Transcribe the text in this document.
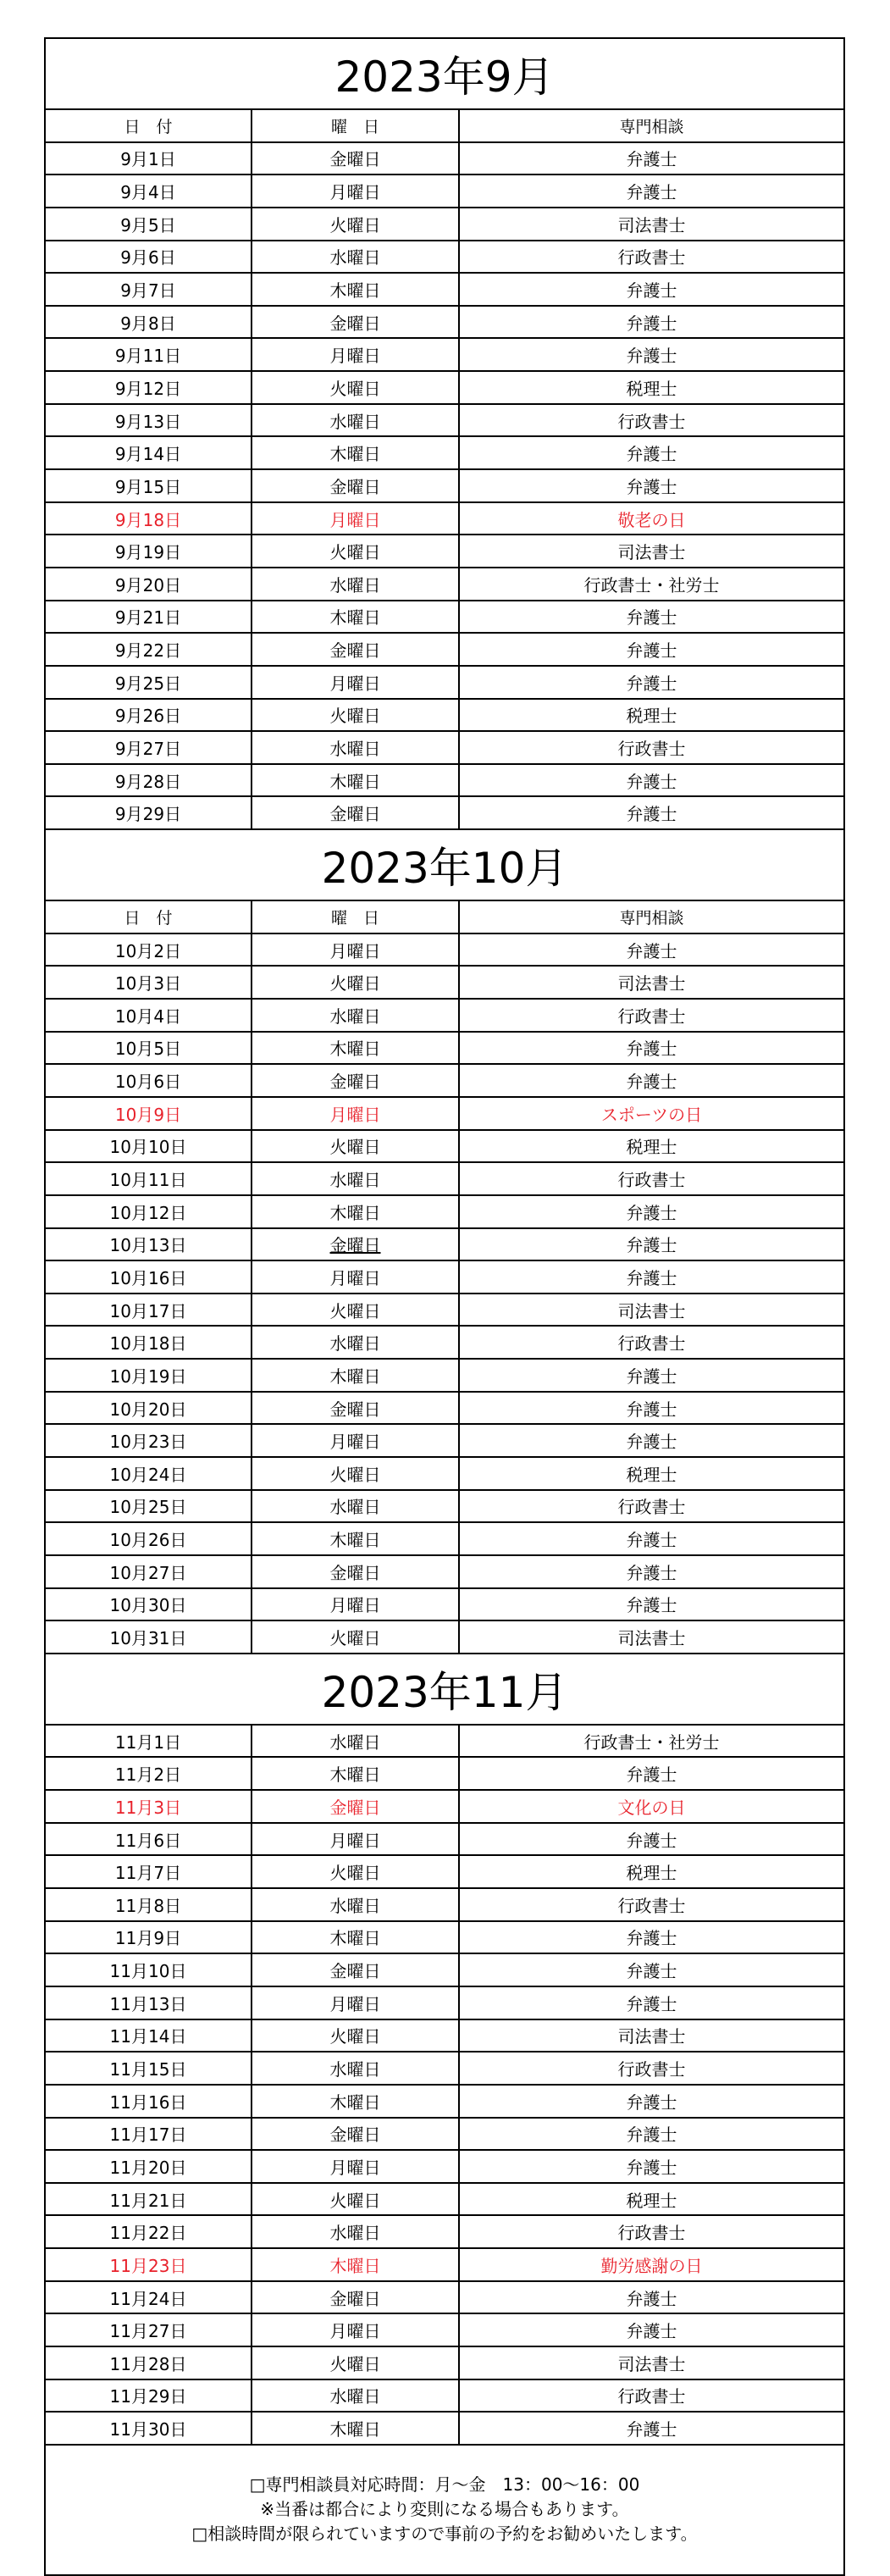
2023年9月
日　付	曜　日	専門相談
9月1日	金曜日	弁護士
9月4日	月曜日	弁護士
9月5日	火曜日	司法書士
9月6日	水曜日	行政書士
9月7日	木曜日	弁護士
9月8日	金曜日	弁護士
9月11日	月曜日	弁護士
9月12日	火曜日	税理士
9月13日	水曜日	行政書士
9月14日	木曜日	弁護士
9月15日	金曜日	弁護士
9月18日	月曜日	敬老の日
9月19日	火曜日	司法書士
9月20日	水曜日	行政書士・社労士
9月21日	木曜日	弁護士
9月22日	金曜日	弁護士
9月25日	月曜日	弁護士
9月26日	火曜日	税理士
9月27日	水曜日	行政書士
9月28日	木曜日	弁護士
9月29日	金曜日	弁護士
2023年10月
日　付	曜　日	専門相談
10月2日	月曜日	弁護士
10月3日	火曜日	司法書士
10月4日	水曜日	行政書士
10月5日	木曜日	弁護士
10月6日	金曜日	弁護士
10月9日	月曜日	スポーツの日
10月10日	火曜日	税理士
10月11日	水曜日	行政書士
10月12日	木曜日	弁護士
10月13日	金曜日	弁護士
10月16日	月曜日	弁護士
10月17日	火曜日	司法書士
10月18日	水曜日	行政書士
10月19日	木曜日	弁護士
10月20日	金曜日	弁護士
10月23日	月曜日	弁護士
10月24日	火曜日	税理士
10月25日	水曜日	行政書士
10月26日	木曜日	弁護士
10月27日	金曜日	弁護士
10月30日	月曜日	弁護士
10月31日	火曜日	司法書士
2023年11月
11月1日	水曜日	行政書士・社労士
11月2日	木曜日	弁護士
11月3日	金曜日	文化の日
11月6日	月曜日	弁護士
11月7日	火曜日	税理士
11月8日	水曜日	行政書士
11月9日	木曜日	弁護士
11月10日	金曜日	弁護士
11月13日	月曜日	弁護士
11月14日	火曜日	司法書士
11月15日	水曜日	行政書士
11月16日	木曜日	弁護士
11月17日	金曜日	弁護士
11月20日	月曜日	弁護士
11月21日	火曜日	税理士
11月22日	水曜日	行政書士
11月23日	木曜日	勤労感謝の日
11月24日	金曜日	弁護士
11月27日	月曜日	弁護士
11月28日	火曜日	司法書士
11月29日	水曜日	行政書士
11月30日	木曜日	弁護士
□専門相談員対応時間：月～金　13：00～16：00
※当番は都合により変則になる場合もあります。
□相談時間が限られていますので事前の予約をお勧めいたします。
